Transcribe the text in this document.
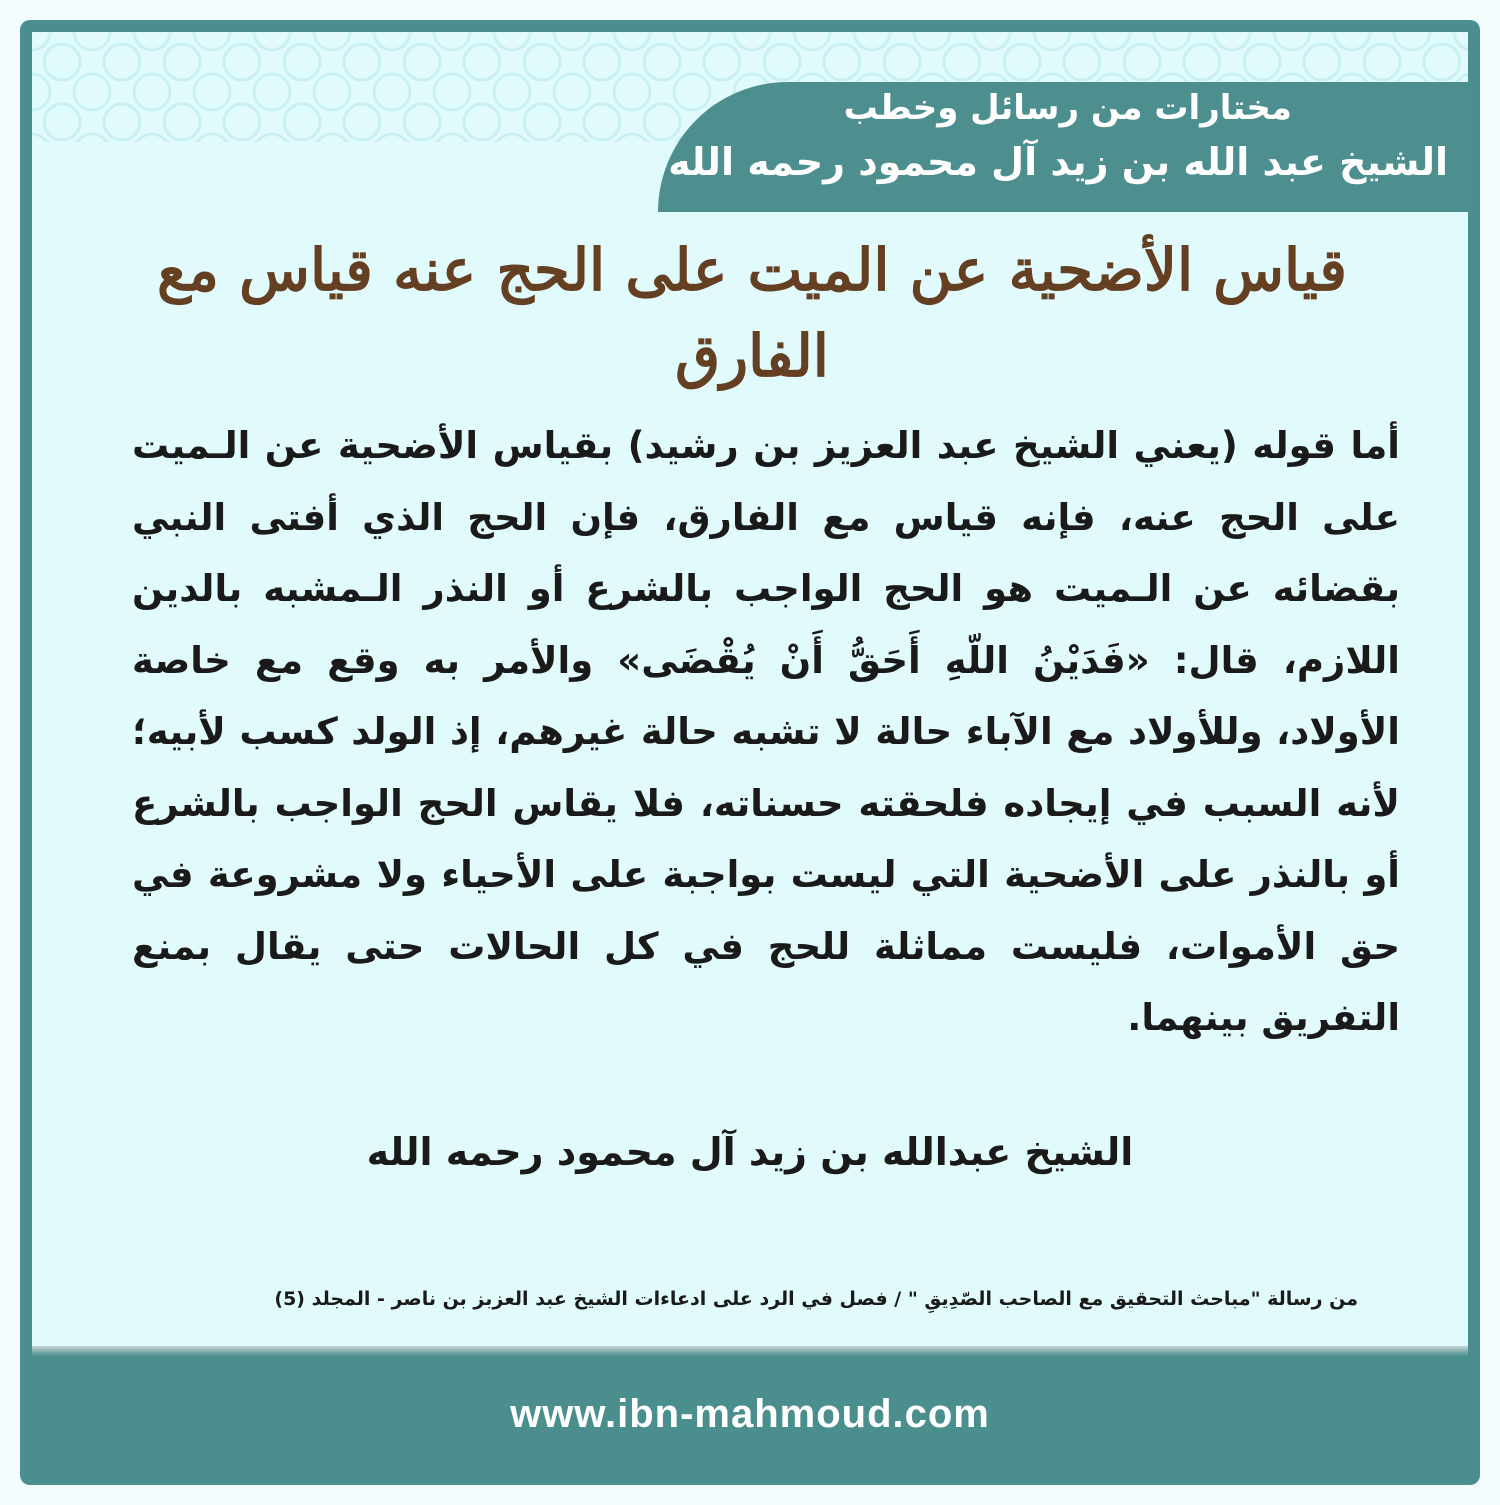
مختارات من رسائل وخطب
الشيخ عبد الله بن زيد آل محمود رحمه الله
قياس الأضحية عن الميت على الحج عنه قياس مع الفارق
أما قوله (يعني الشيخ عبد العزيز بن رشيد) بقياس الأضحية عن الـميت على الحج عنه، فإنه قياس مع الفارق، فإن الحج الذي أفتى النبي بقضائه عن الـميت هو الحج الواجب بالشرع أو النذر الـمشبه بالدين اللازم، قال: «فَدَيْنُ اللّهِ أَحَقُّ أَنْ يُقْضَى» والأمر به وقع مع خاصة الأولاد، وللأولاد مع الآباء حالة لا تشبه حالة غيرهم، إذ الولد كسب لأبيه؛ لأنه السبب في إيجاده فلحقته حسناته، فلا يقاس الحج الواجب بالشرع أو بالنذر على الأضحية التي ليست بواجبة على الأحياء ولا مشروعة في حق الأموات، فليست مماثلة للحج في كل الحالات حتى يقال بمنع التفريق بينهما.
الشيخ عبدالله بن زيد آل محمود رحمه الله
من رسالة "مباحث التحقيق مع الصاحب الصّدِيقِ " / فصل في الرد على ادعاءات الشيخ عبد العزبز بن ناصر - المجلد (5)
www.ibn-mahmoud.com
